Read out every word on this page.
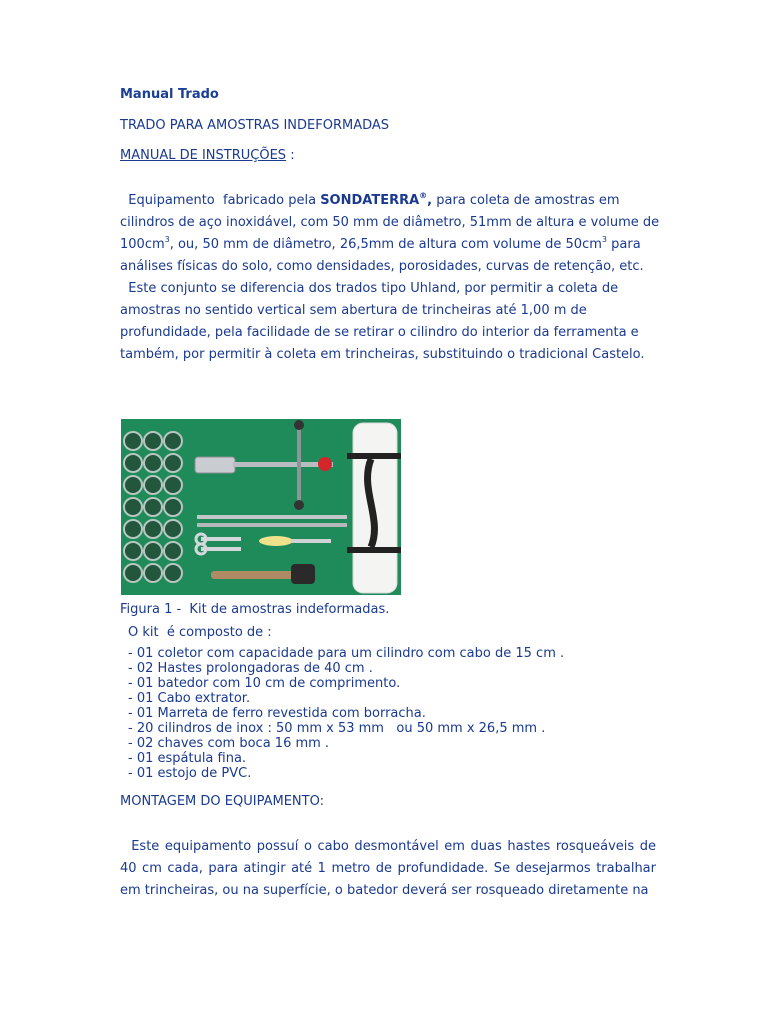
Manual Trado
TRADO PARA AMOSTRAS INDEFORMADAS
MANUAL DE INSTRUÇÕES :

Equipamento  fabricado pela SONDATERRA®, para coleta de amostras em cilindros de aço inoxidável, com 50 mm de diâmetro, 51mm de altura e volume de $100cm^3$, ou, 50 mm de diâmetro, 26,5mm de altura com volume de $50cm^3$ para análises físicas do solo, como densidades, porosidades, curvas de retenção, etc.

Este conjunto se diferencia dos trados tipo Uhland, por permitir a coleta de amostras no sentido vertical sem abertura de trincheiras até 1,00 m de profundidade, pela facilidade de se retirar o cilindro do interior da ferramenta e também, por permitir à coleta em trincheiras, substituindo o tradicional Castelo.

Figura 1 -  Kit de amostras indeformadas.
O kit  é composto de :
- 01 coletor com capacidade para um cilindro com cabo de 15 cm .
- 02 Hastes prolongadoras de 40 cm .
- 01 batedor com 10 cm de comprimento.
- 01 Cabo extrator.
- 01 Marreta de ferro revestida com borracha.
- 20 cilindros de inox : 50 mm x 53 mm   ou 50 mm x 26,5 mm .
- 02 chaves com boca 16 mm .
- 01 espátula fina.
- 01 estojo de PVC.
MONTAGEM DO EQUIPAMENTO:

Este equipamento possuí o cabo desmontável em duas hastes rosqueáveis de 40 cm cada, para atingir até 1 metro de profundidade. Se desejarmos trabalhar em trincheiras, ou na superfície, o batedor deverá ser rosqueado diretamente na
